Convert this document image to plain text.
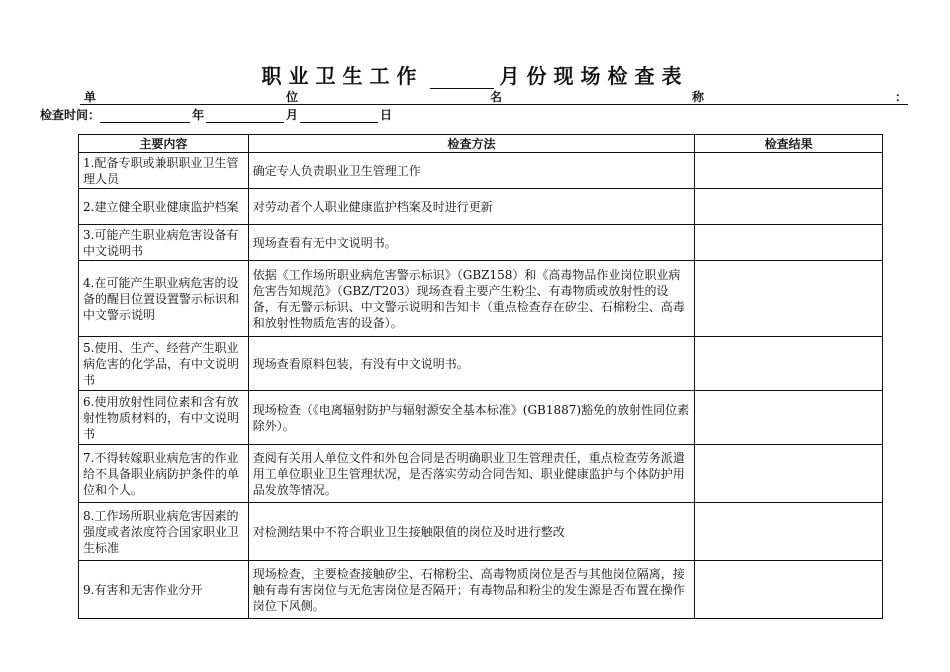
职业卫生工作	月份现场检查表
单	位	名	称	：
检查时间：	年	月	日
主要内容	检查方法	检查结果
1.配备专职或兼职职业卫生管理人员	确定专人负责职业卫生管理工作	
2.建立健全职业健康监护档案	对劳动者个人职业健康监护档案及时进行更新	
3.可能产生职业病危害设备有中文说明书	现场查看有无中文说明书。	
4.在可能产生职业病危害的设备的醒目位置设置警示标识和中文警示说明	依据《工作场所职业病危害警示标识》（GBZ158）和《高毒物品作业岗位职业病危害告知规范》（GBZ/T203）现场查看主要产生粉尘、有毒物质或放射性的设备，有无警示标识、中文警示说明和告知卡（重点检查存在矽尘、石棉粉尘、高毒和放射性物质危害的设备）。	
5.使用、生产、经营产生职业病危害的化学品，有中文说明书	现场查看原料包装，有没有中文说明书。	
6.使用放射性同位素和含有放射性物质材料的，有中文说明书	现场检查（《电离辐射防护与辐射源安全基本标准》(GB1887)豁免的放射性同位素除外）。	
7.不得转嫁职业病危害的作业给不具备职业病防护条件的单位和个人。	查阅有关用人单位文件和外包合同是否明确职业卫生管理责任，重点检查劳务派遣用工单位职业卫生管理状况，是否落实劳动合同告知、职业健康监护与个体防护用品发放等情况。	
8.工作场所职业病危害因素的强度或者浓度符合国家职业卫生标准	对检测结果中不符合职业卫生接触限值的岗位及时进行整改	
9.有害和无害作业分开	现场检查，主要检查接触矽尘、石棉粉尘、高毒物质岗位是否与其他岗位隔离，接触有毒有害岗位与无危害岗位是否隔开；有毒物品和粉尘的发生源是否布置在操作岗位下风侧。	
